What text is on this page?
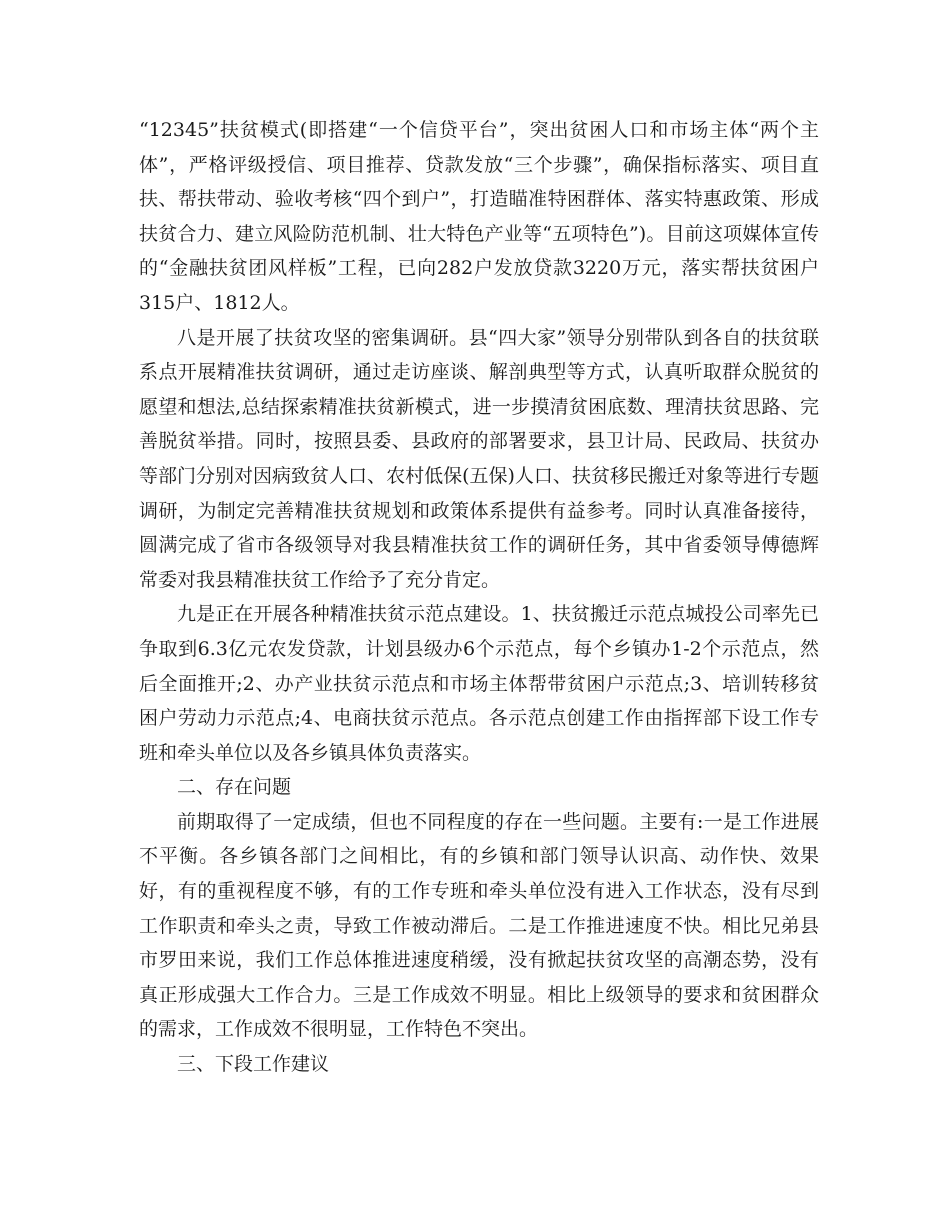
“12345”扶贫模式(即搭建“一个信贷平台”，突出贫困人口和市场主体“两个主体”，严格评级授信、项目推荐、贷款发放“三个步骤”，确保指标落实、项目直扶、帮扶带动、验收考核“四个到户”，打造瞄准特困群体、落实特惠政策、形成扶贫合力、建立风险防范机制、壮大特色产业等“五项特色”)。目前这项媒体宣传的“金融扶贫团风样板”工程，已向282户发放贷款3220万元，落实帮扶贫困户315户、1812人。

八是开展了扶贫攻坚的密集调研。县“四大家”领导分别带队到各自的扶贫联系点开展精准扶贫调研，通过走访座谈、解剖典型等方式，认真听取群众脱贫的愿望和想法,总结探索精准扶贫新模式，进一步摸清贫困底数、理清扶贫思路、完善脱贫举措。同时，按照县委、县政府的部署要求，县卫计局、民政局、扶贫办等部门分别对因病致贫人口、农村低保(五保)人口、扶贫移民搬迁对象等进行专题调研，为制定完善精准扶贫规划和政策体系提供有益参考。同时认真准备接待，圆满完成了省市各级领导对我县精准扶贫工作的调研任务，其中省委领导傅德辉常委对我县精准扶贫工作给予了充分肯定。

九是正在开展各种精准扶贫示范点建设。1、扶贫搬迁示范点城投公司率先已争取到6.3亿元农发贷款，计划县级办6个示范点，每个乡镇办1-2个示范点，然后全面推开;2、办产业扶贫示范点和市场主体帮带贫困户示范点;3、培训转移贫困户劳动力示范点;4、电商扶贫示范点。各示范点创建工作由指挥部下设工作专班和牵头单位以及各乡镇具体负责落实。

二、存在问题

前期取得了一定成绩，但也不同程度的存在一些问题。主要有:一是工作进展不平衡。各乡镇各部门之间相比，有的乡镇和部门领导认识高、动作快、效果好，有的重视程度不够，有的工作专班和牵头单位没有进入工作状态，没有尽到工作职责和牵头之责，导致工作被动滞后。二是工作推进速度不快。相比兄弟县市罗田来说，我们工作总体推进速度稍缓，没有掀起扶贫攻坚的高潮态势，没有真正形成强大工作合力。三是工作成效不明显。相比上级领导的要求和贫困群众的需求，工作成效不很明显，工作特色不突出。

三、下段工作建议
